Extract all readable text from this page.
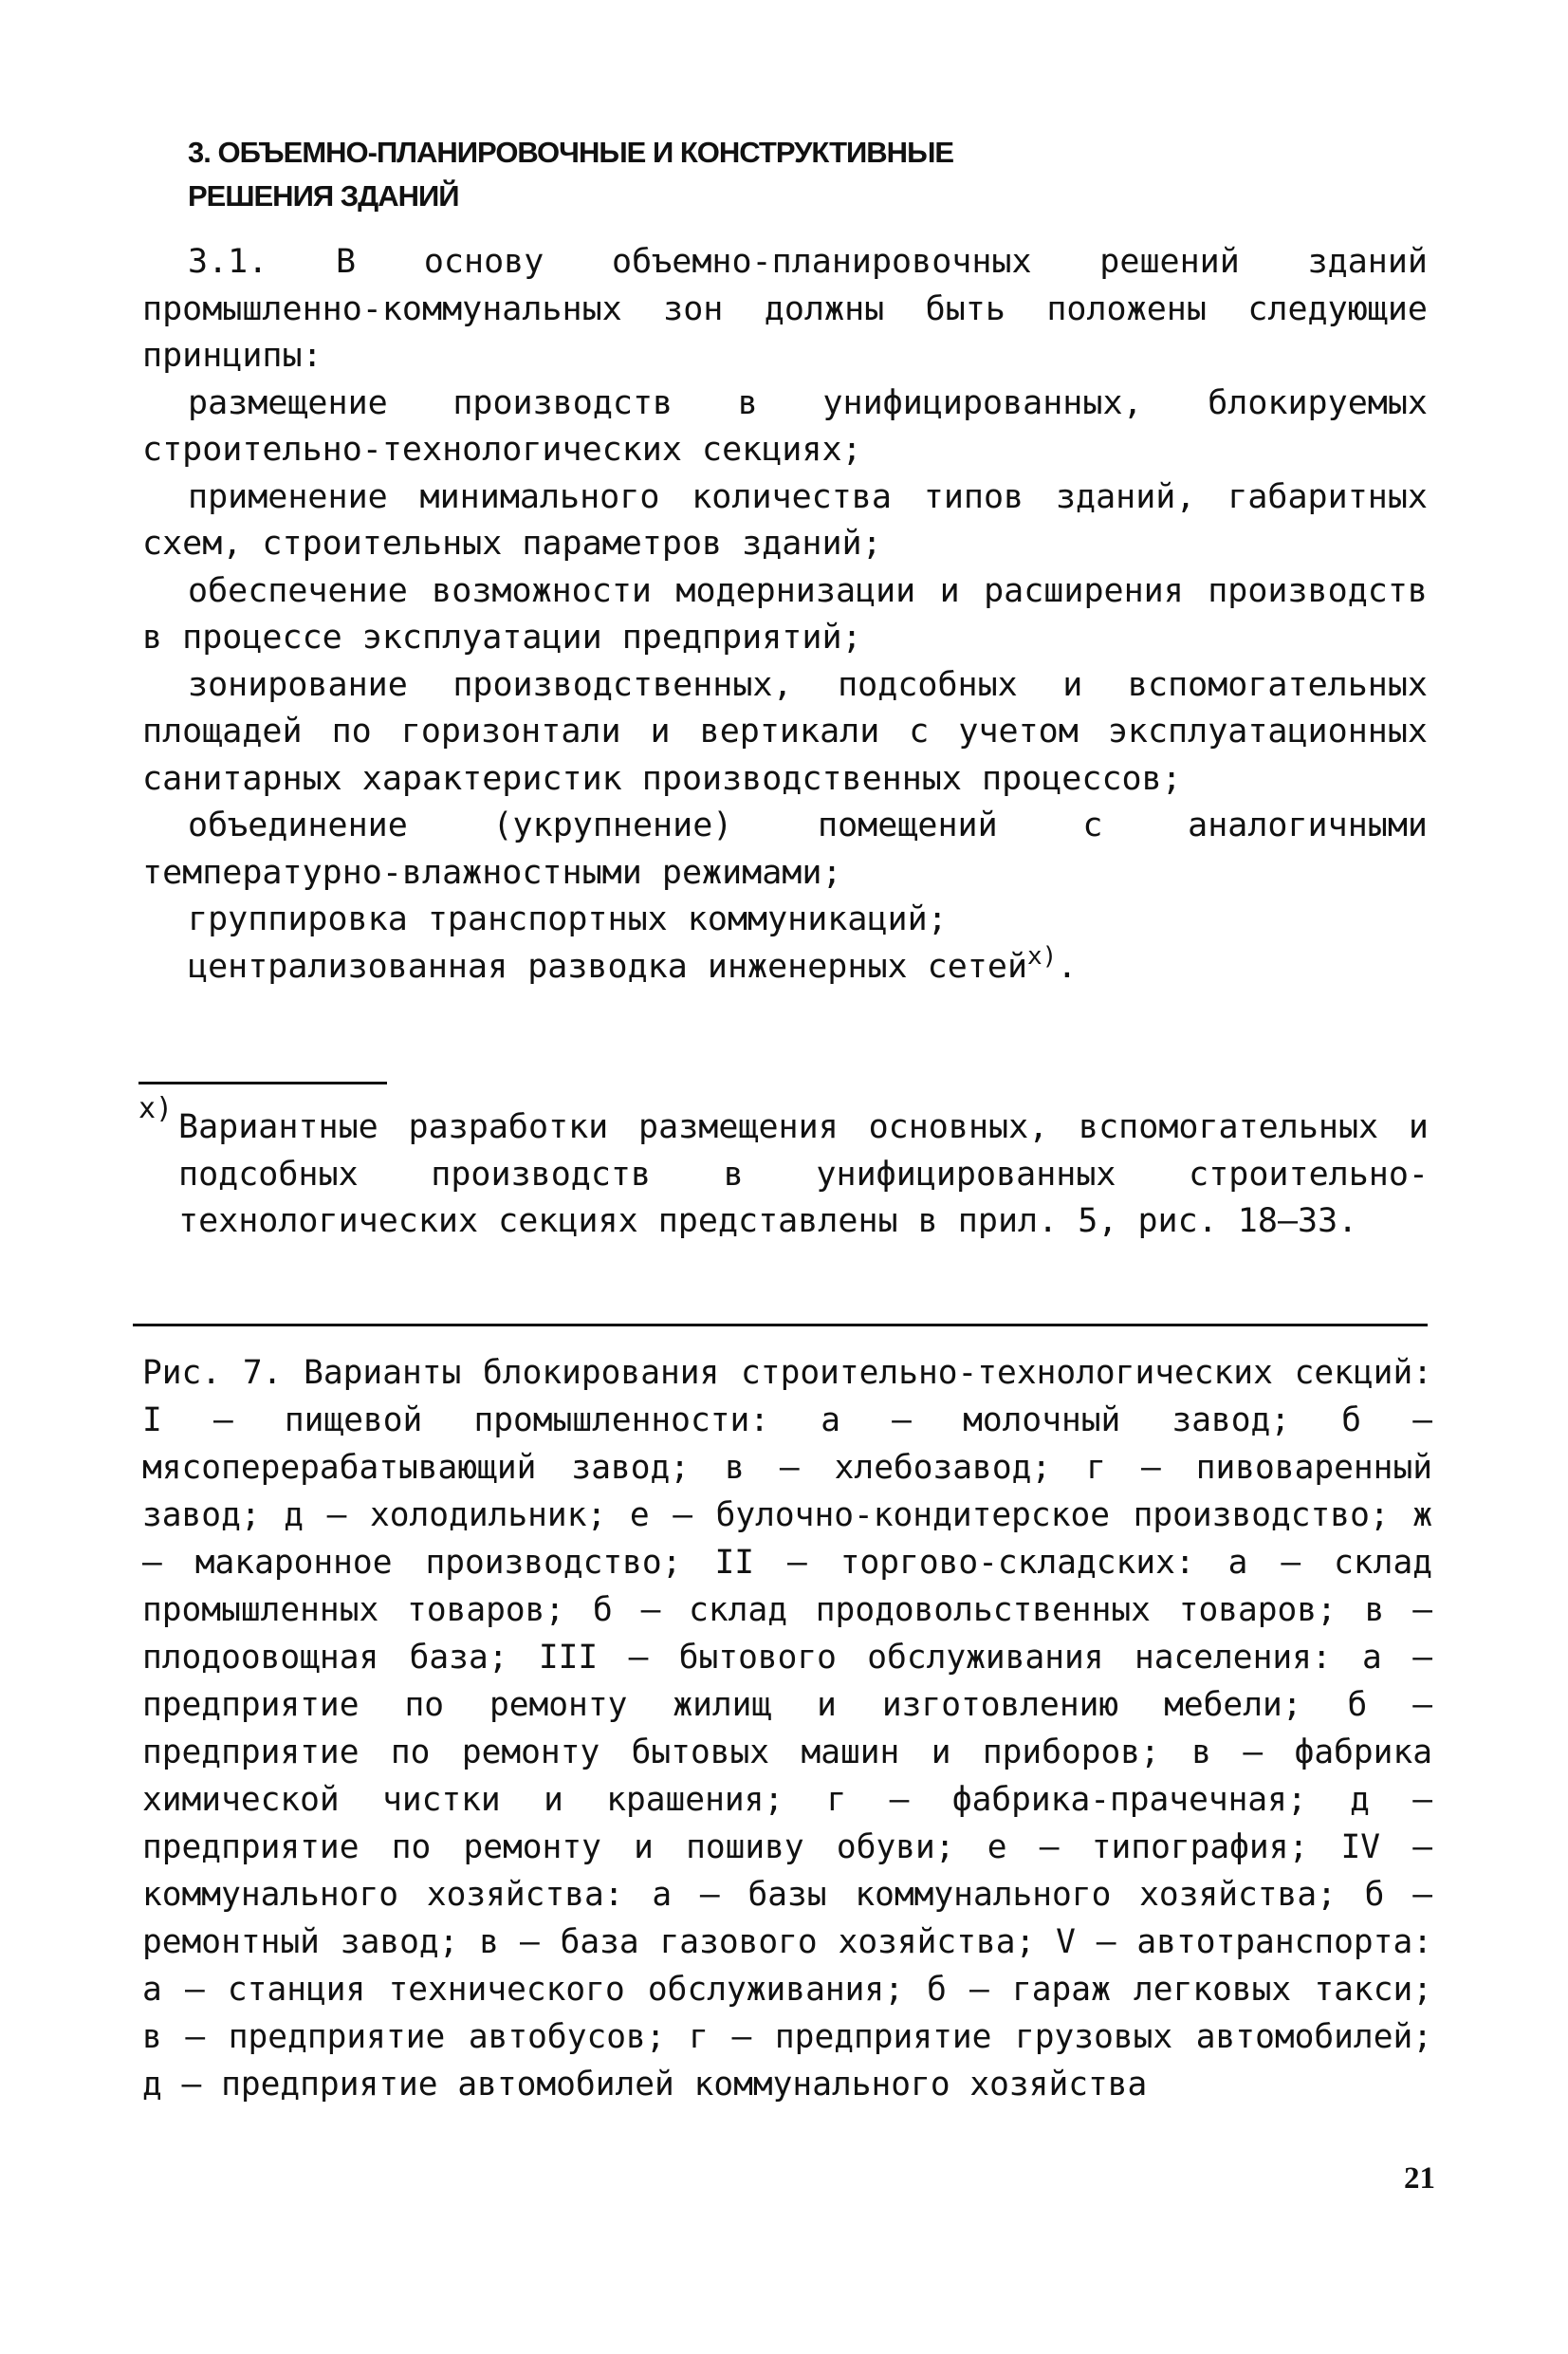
3. ОБЪЕМНО-ПЛАНИРОВОЧНЫЕ И КОНСТРУКТИВНЫЕ
РЕШЕНИЯ ЗДАНИЙ

3.1. В основу объемно-планировочных решений зданий промышленно-коммунальных зон должны быть положены следующие принципы:

размещение производств в унифицированных, блокируемых строительно-технологических секциях;

применение минимального количества типов зданий, габаритных схем, строительных параметров зданий;

обеспечение возможности модернизации и расширения производств в процессе эксплуатации предприятий;

зонирование производственных, подсобных и вспомогательных площадей по горизонтали и вертикали с учетом эксплуатационных санитарных характеристик производственных процессов;

объединение (укрупнение) помещений с аналогичными температурно-влажностными режимами;

группировка транспортных коммуникаций;

централизованная разводка инженерных сетей$^{х)}$.

х) Вариантные разработки размещения основных, вспомогательных и подсобных производств в унифицированных строительно-технологических секциях представлены в прил. 5, рис. 18–33.
Рис. 7. Варианты блокирования строительно-технологических секций: I – пищевой промышленности: а – молочный завод; б – мясоперерабатывающий завод; в – хлебозавод; г – пивоваренный завод; д – холодильник; е – булочно-кондитерское производство; ж – макаронное производство; II – торгово-складских: а – склад промышленных товаров; б – склад продовольственных товаров; в – плодоовощная база; III – бытового обслуживания населения: а – предприятие по ремонту жилищ и изготовлению мебели; б – предприятие по ремонту бытовых машин и приборов; в – фабрика химической чистки и крашения; г – фабрика-прачечная; д – предприятие по ремонту и пошиву обуви; е – типография; IV – коммунального хозяйства: а – базы коммунального хозяйства; б – ремонтный завод; в – база газового хозяйства; V – автотранспорта: а – станция технического обслуживания; б – гараж легковых такси; в – предприятие автобусов; г – предприятие грузовых автомобилей; д – предприятие автомобилей коммунального хозяйства
21
